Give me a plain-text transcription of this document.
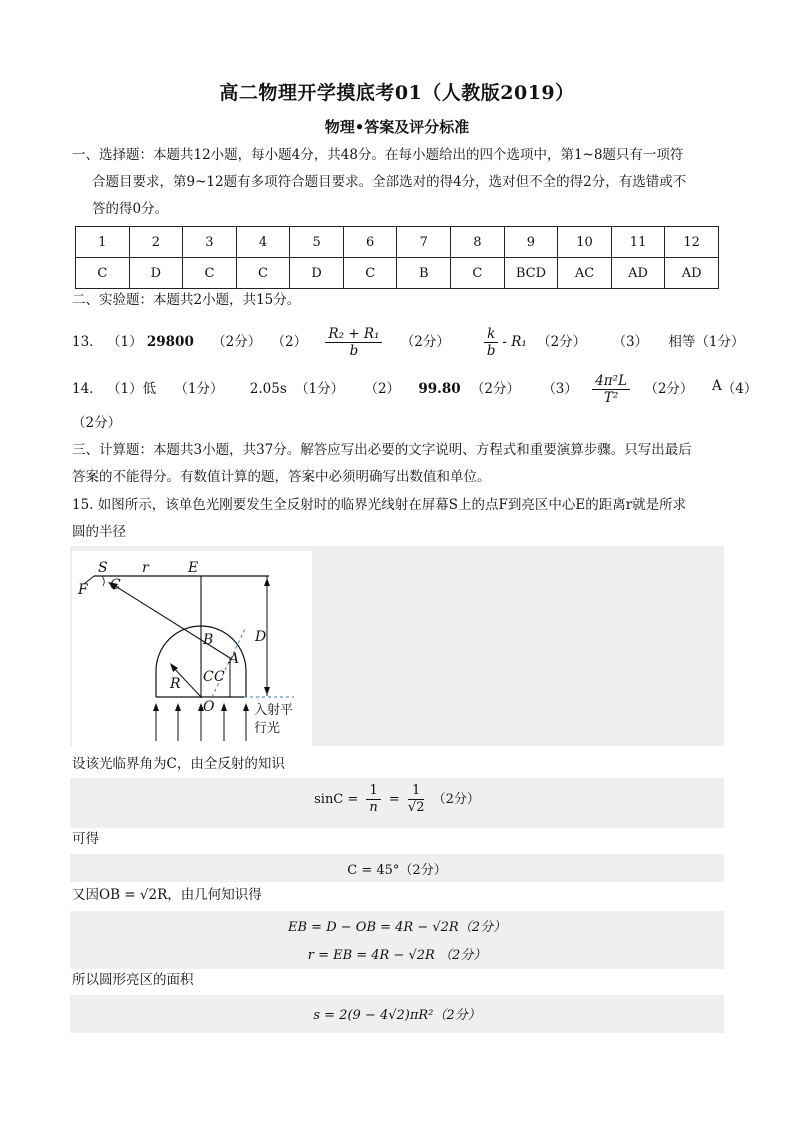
高二物理开学摸底考01（人教版2019）
物理•答案及评分标准
一、选择题：本题共12小题，每小题4分，共48分。在每小题给出的四个选项中，第1~8题只有一项符
合题目要求，第9~12题有多项符合题目要求。全部选对的得4分，选对但不全的得2分，有选错或不
答的得0分。
1	2	3	4	5	6	7	8	9	10	11	12
C	D	C	C	D	C	B	C	BCD	AC	AD	AD
二、实验题：本题共2小题，共15分。
13． （1） 29800 （2分） $(2) \frac{\text{R₂ + R₁}}{b} (2$分）	$\frac{k}{b} - R_1$ （2分） （3） 相等（1分）
14． （1）低 （1分） 2.05s （1分） （2） 99.80 （2分） $(3) \frac{\text{4π²L}}{\text{T²}} (2$分） （4）
A
（2分）
三、计算题：本题共3小题，共37分。解答应写出必要的文字说明、方程式和重要演算步骤。只写出最后
答案的不能得分。有数值计算的题，答案中必须明确写出数值和单位。
15. 如图所示，该单色光刚要发生全反射时的临界光线射在屏幕S上的点F到亮区中心E的距离r就是所求
圆的半径
S r	E
F C
B
A
D
R C C
O	入射平
行光
设该光临界角为C，由全反射的知识
$\sin C = \frac{1}{n} = \frac{1}{√2} (2$分）
可得
C = 45°（2分）
又因OB = √2R，由几何知识得
EB = D − OB = 4R − √2R（2分）
r = EB = 4R − √2R （2分）
所以圆形亮区的面积
s = 2(9 − 4√2)πR²（2分）
